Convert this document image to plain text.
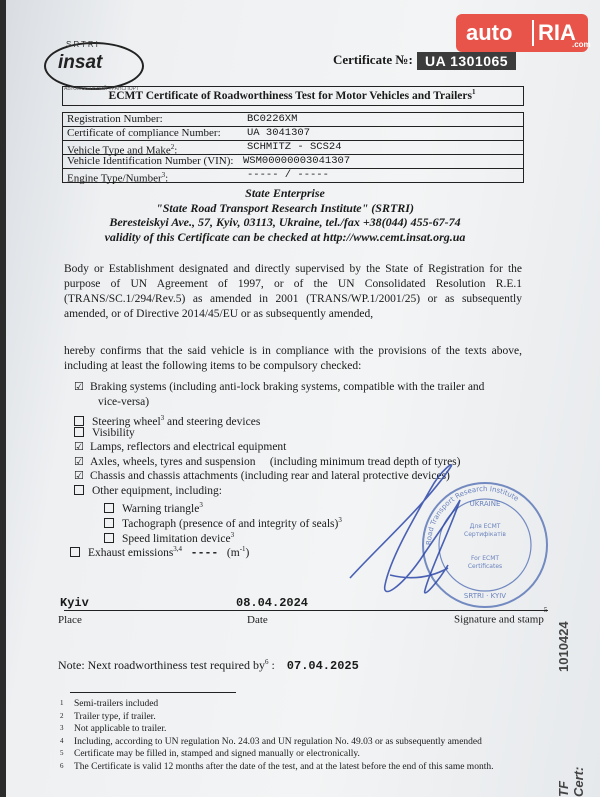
auto RIA
.com
SRTRI
insat
АВТОМОБІЛЬНИЙ ТРАНСПОРТ
Certificate №: UA 1301065
ECMT Certificate of Roadworthiness Test for Motor Vehicles and Trailers$^1$
Registration Number:	BC0226XM
Certificate of compliance Number:	UA 3041307
Vehicle Type and Make$^2$:	SCHMITZ - SCS24
Vehicle Identification Number (VIN): WSM00000003041307
Engine Type/Number$^3$:	----- / -----
State Enterprise
"State Road Transport Research Institute" (SRTRI)
Beresteiskyi Ave., 57, Kyiv, 03113, Ukraine, tel./fax +38(044) 455-67-74
validity of this Certificate can be checked at http://www.cemt.insat.org.ua
Body or Establishment designated and directly supervised by the State of Registration for the purpose of UN Agreement of 1997, or of the UN Consolidated Resolution R.E.1 (TRANS/SC.1/294/Rev.5) as amended in 2001 (TRANS/WP.1/2001/25) or as subsequently amended, or of Directive 2014/45/EU or as subsequently amended,
hereby confirms that the said vehicle is in compliance with the provisions of the texts above, including at least the following items to be compulsory checked:
☑ Braking systems (including anti-lock braking systems, compatible with the trailer and
vice-versa)
Steering wheel$^3$ and steering devices
Visibility
☑ Lamps, reflectors and electrical equipment
☑ Axles, wheels, tyres and suspension     (including minimum tread depth of tyres)
☑ Chassis and chassis attachments (including rear and lateral protective devices)
Other equipment, including:
Warning triangle$^3$
Tachograph (presence of and integrity of seals)$^3$
Speed limitation device$^3$
Exhaust emissions$^{3,4}$ ---- $(m^{-1})$
Road Transport Research Institute
Для ECMT
Сертифікатів
For ECMT
Certificates
SRTRI · KYIV
UKRAINE
Kyiv	08.04.2024
Place	Date	Signature and stamp$^5$
Note: Next roadworthiness test required $by^6$ : 07.04.2025
1 Semi-trailers included
2 Trailer type, if trailer.
3 Not applicable to trailer.
4 Including, according to UN regulation No. 24.03 and UN regulation No. 49.03 or as subsequently amended
5 Certificate may be filled in, stamped and signed manually or electronically.
6 The Certificate is valid 12 months after the date of the test, and at the latest before the end of this same month.
1010424
TF Cert:
